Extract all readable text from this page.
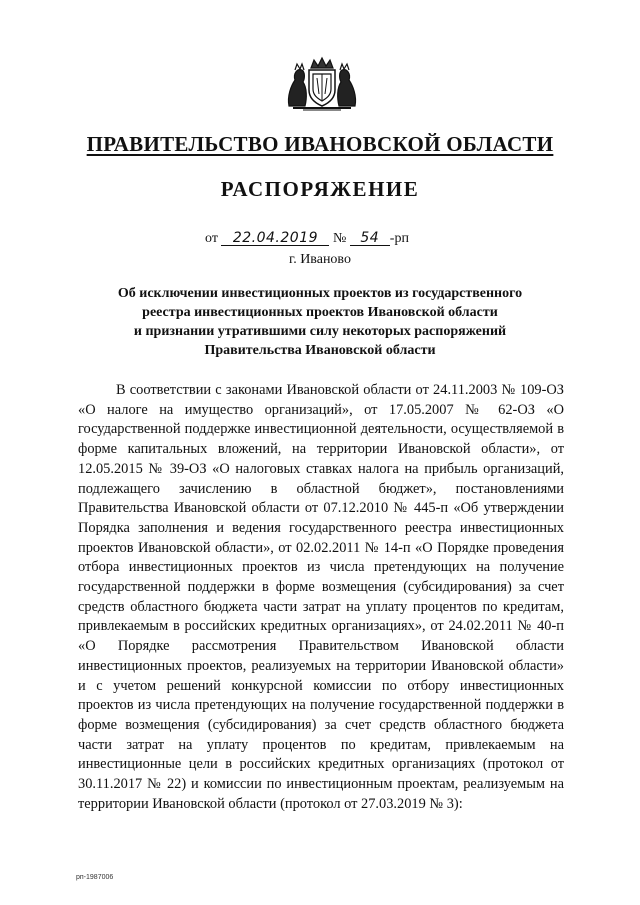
ПРАВИТЕЛЬСТВО ИВАНОВСКОЙ ОБЛАСТИ
РАСПОРЯЖЕНИЕ
от 22.04.2019 № 54 -рп
г. Иваново
Об исключении инвестиционных проектов из государственного
реестра инвестиционных проектов Ивановской области
и признании утратившими силу некоторых распоряжений
Правительства Ивановской области

В соответствии с законами Ивановской области от 24.11.2003 № 109-ОЗ «О налоге на имущество организаций», от 17.05.2007 № 62-ОЗ «О государственной поддержке инвестиционной деятельности, осуществляемой в форме капитальных вложений, на территории Ивановской области», от 12.05.2015 № 39-ОЗ «О налоговых ставках налога на прибыль организаций, подлежащего зачислению в областной бюджет», постановлениями Правительства Ивановской области от 07.12.2010 № 445-п «Об утверждении Порядка заполнения и ведения государственного реестра инвестиционных проектов Ивановской области», от 02.02.2011 № 14-п «О Порядке проведения отбора инвестиционных проектов из числа претендующих на получение государственной поддержки в форме возмещения (субсидирования) за счет средств областного бюджета части затрат на уплату процентов по кредитам, привлекаемым в российских кредитных организациях», от 24.02.2011 № 40-п «О Порядке рассмотрения Правительством Ивановской области инвестиционных проектов, реализуемых на территории Ивановской области» и с учетом решений конкурсной комиссии по отбору инвестиционных проектов из числа претендующих на получение государственной поддержки в форме возмещения (субсидирования) за счет средств областного бюджета части затрат на уплату процентов по кредитам, привлекаемым на инвестиционные цели в российских кредитных организациях (протокол от 30.11.2017 № 22) и комиссии по инвестиционным проектам, реализуемым на территории Ивановской области (протокол от 27.03.2019 № 3):

рп-1987006
